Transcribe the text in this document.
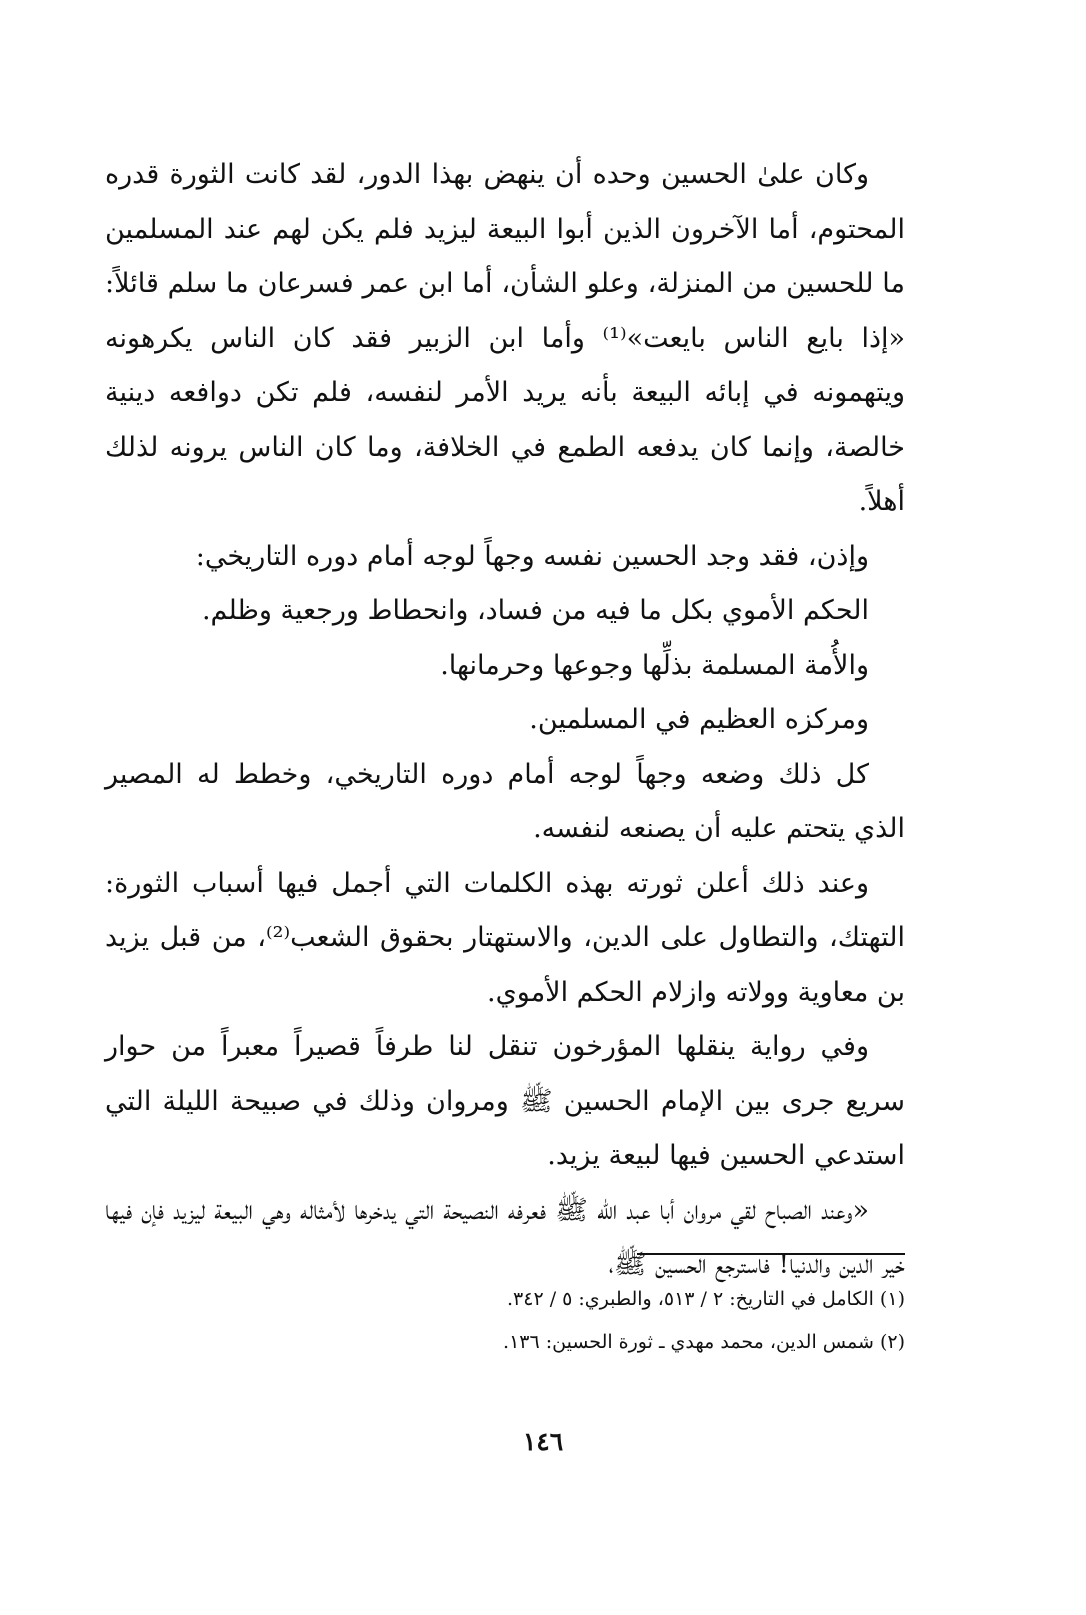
وكان علىٰ الحسين وحده أن ينهض بهذا الدور، لقد كانت الثورة قدره المحتوم، أما الآخرون الذين أبوا البيعة ليزيد فلم يكن لهم عند المسلمين ما للحسين من المنزلة، وعلو الشأن، أما ابن عمر فسرعان ما سلم قائلاً: «إذا بايع الناس بايعت»⁽¹⁾ وأما ابن الزبير فقد كان الناس يكرهونه ويتهمونه في إبائه البيعة بأنه يريد الأمر لنفسه، فلم تكن دوافعه دينية خالصة، وإنما كان يدفعه الطمع في الخلافة، وما كان الناس يرونه لذلك أهلاً.

وإذن، فقد وجد الحسين نفسه وجهاً لوجه أمام دوره التاريخي:

الحكم الأموي بكل ما فيه من فساد، وانحطاط ورجعية وظلم.

والأُمة المسلمة بذلِّها وجوعها وحرمانها.

ومركزه العظيم في المسلمين.

كل ذلك وضعه وجهاً لوجه أمام دوره التاريخي، وخطط له المصير الذي يتحتم عليه أن يصنعه لنفسه.

وعند ذلك أعلن ثورته بهذه الكلمات التي أجمل فيها أسباب الثورة: التهتك، والتطاول على الدين، والاستهتار بحقوق الشعب⁽²⁾، من قبل يزيد بن معاوية وولاته وازلام الحكم الأموي.

وفي رواية ينقلها المؤرخون تنقل لنا طرفاً قصيراً معبراً من حوار سريع جرى بين الإمام الحسين ﷺ ومروان وذلك في صبيحة الليلة التي استدعي الحسين فيها لبيعة يزيد.

«وعند الصباح لقي مروان أبا عبد الله ﷺ فعرفه النصيحة التي يدخرها لأمثاله وهي البيعة ليزيد فإن فيها خير الدين والدنيا! فاسترجع الحسين ﷺ،

(١) الكامل في التاريخ: ٢ / ٥١٣، والطبري: ٥ / ٣٤٢.

(٢) شمس الدين، محمد مهدي ـ ثورة الحسين: ١٣٦.

١٤٦
